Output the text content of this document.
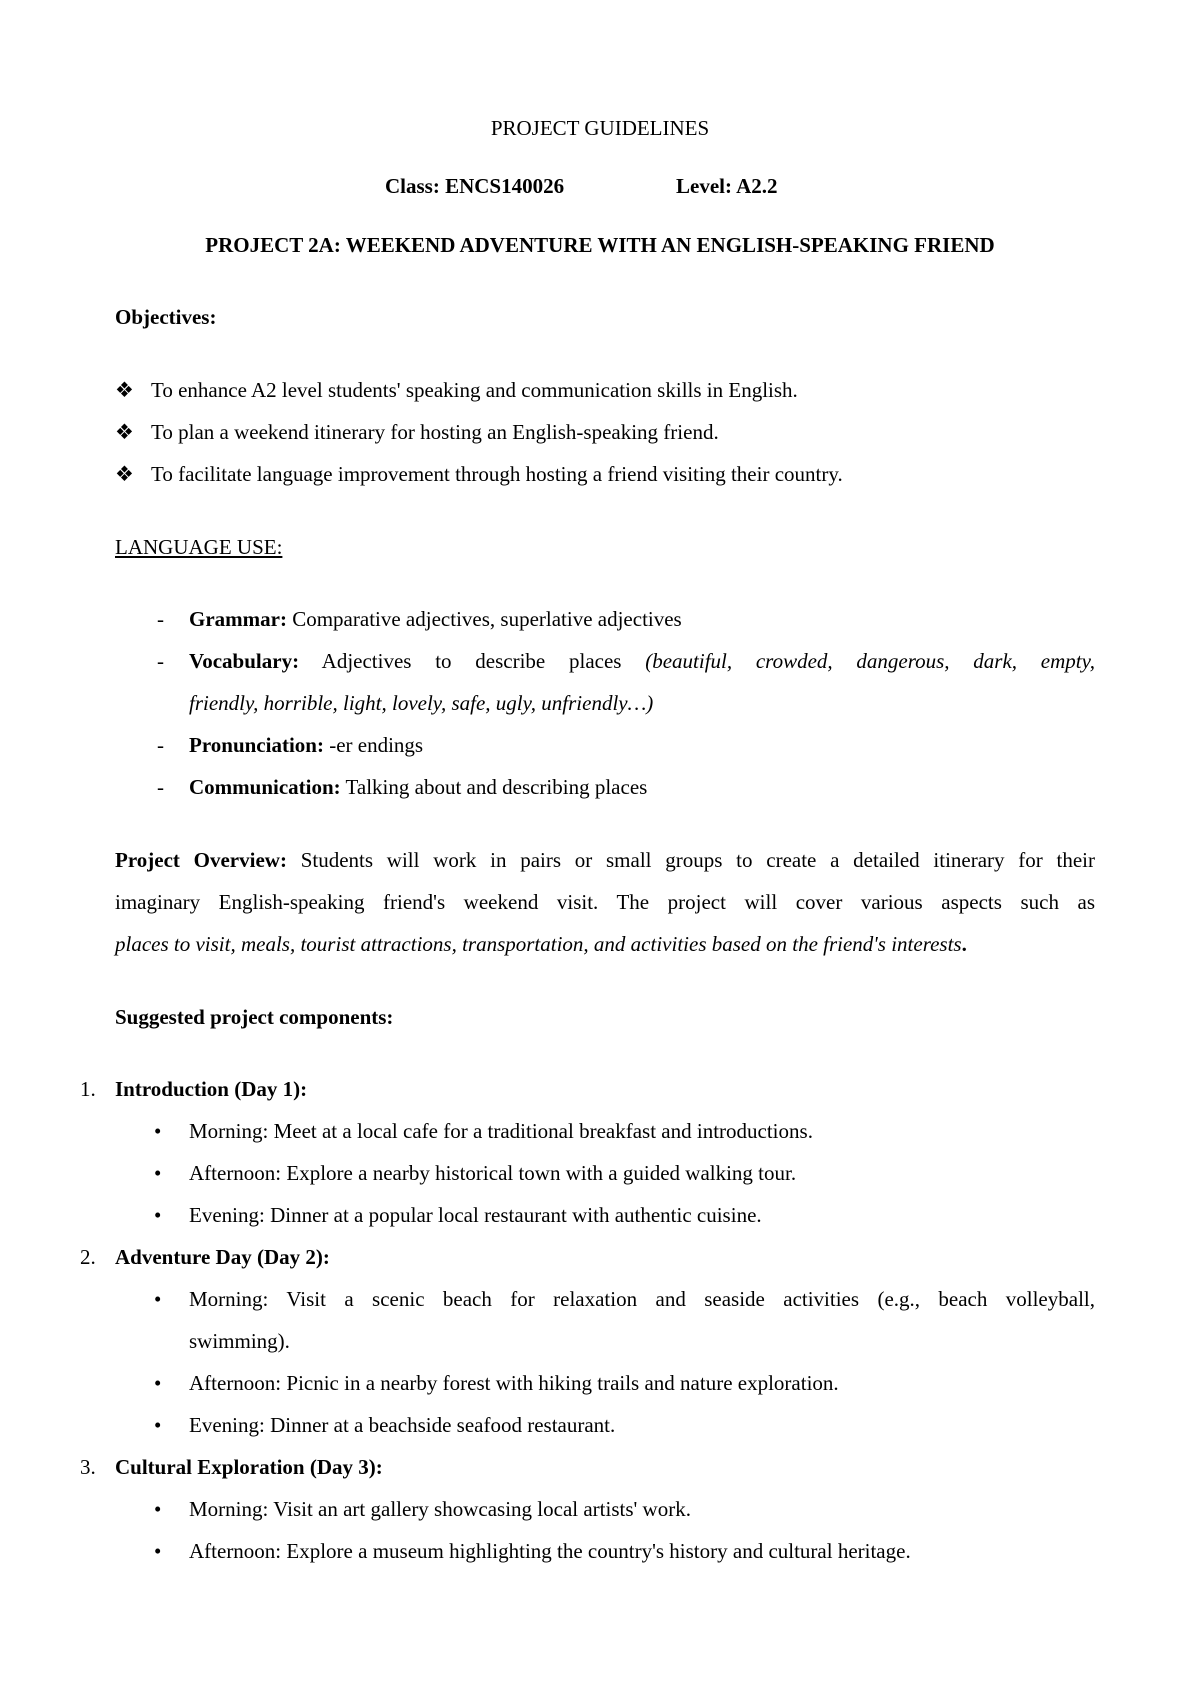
PROJECT GUIDELINES
Class: ENCS140026	Level: A2.2
PROJECT 2A: WEEKEND ADVENTURE WITH AN ENGLISH-SPEAKING FRIEND
Objectives:
❖ To enhance A2 level students' speaking and communication skills in English.
❖ To plan a weekend itinerary for hosting an English-speaking friend.
❖ To facilitate language improvement through hosting a friend visiting their country.
LANGUAGE USE:
- Grammar: Comparative adjectives, superlative adjectives
- Vocabulary: Adjectives to describe places (beautiful, crowded, dangerous, dark, empty,
friendly, horrible, light, lovely, safe, ugly, unfriendly…)
- Pronunciation: -er endings
- Communication: Talking about and describing places
Project Overview: Students will work in pairs or small groups to create a detailed itinerary for their
imaginary English-speaking friend's weekend visit. The project will cover various aspects such as
places to visit, meals, tourist attractions, transportation, and activities based on the friend's interests.
Suggested project components:
1. Introduction (Day 1):
• Morning: Meet at a local cafe for a traditional breakfast and introductions.
• Afternoon: Explore a nearby historical town with a guided walking tour.
• Evening: Dinner at a popular local restaurant with authentic cuisine.
2. Adventure Day (Day 2):
• Morning: Visit a scenic beach for relaxation and seaside activities (e.g., beach volleyball,
swimming).
• Afternoon: Picnic in a nearby forest with hiking trails and nature exploration.
• Evening: Dinner at a beachside seafood restaurant.
3. Cultural Exploration (Day 3):
• Morning: Visit an art gallery showcasing local artists' work.
• Afternoon: Explore a museum highlighting the country's history and cultural heritage.
